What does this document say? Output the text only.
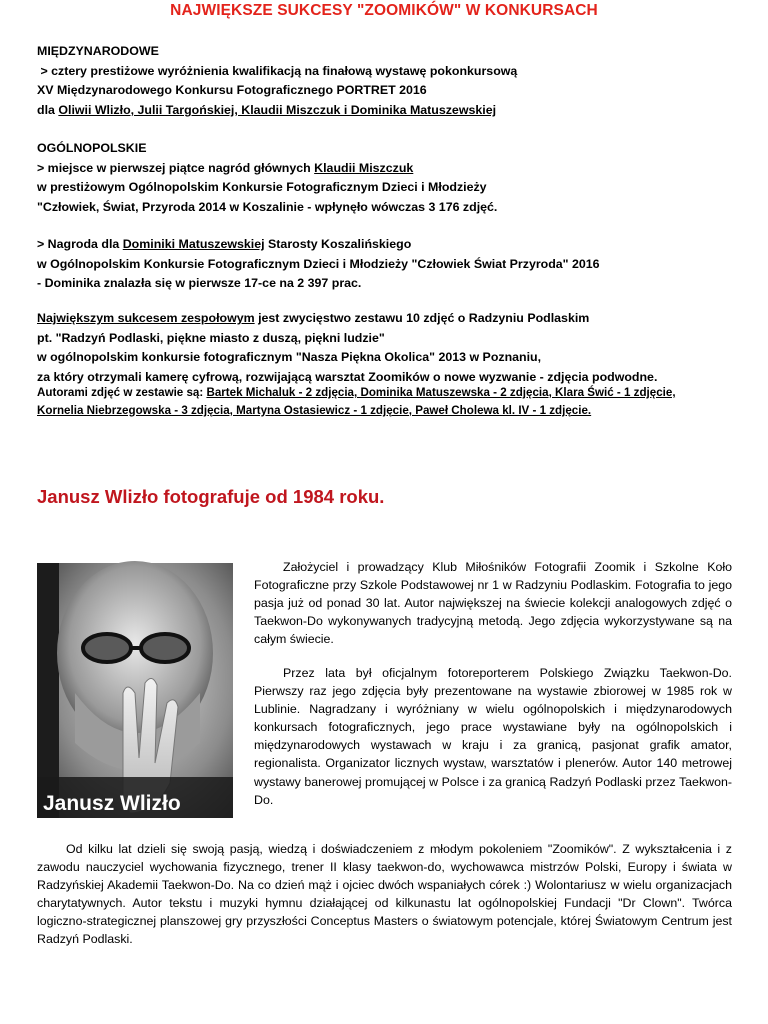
NAJWIĘKSZE SUKCESY "ZOOMIKÓW" W KONKURSACH
MIĘDZYNARODOWE
> cztery prestiżowe wyróżnienia kwalifikacją na finałową wystawę pokonkursową
XV Międzynarodowego Konkursu Fotograficznego PORTRET 2016
dla Oliwii Wlizło, Julii Targońskiej, Klaudii Miszczuk i Dominika Matuszewskiej
OGÓLNOPOLSKIE
> miejsce w pierwszej piątce nagród głównych Klaudii Miszczuk
w prestiżowym Ogólnopolskim Konkursie Fotograficznym Dzieci i Młodzieży
"Człowiek, Świat, Przyroda 2014 w Koszalinie - wpłynęło wówczas 3 176 zdjęć.
> Nagroda dla Dominiki Matuszewskiej Starosty Koszalińskiego
w Ogólnopolskim Konkursie Fotograficznym Dzieci i Młodzieży "Człowiek Świat Przyroda" 2016
- Dominika znalazła się w pierwsze 17-ce na 2 397 prac.
Największym sukcesem zespołowym jest zwycięstwo zestawu 10 zdjęć o Radzyniu Podlaskim
pt. "Radzyń Podlaski, piękne miasto z duszą, piękni ludzie"
w ogólnopolskim konkursie fotograficznym "Nasza Piękna Okolica" 2013 w Poznaniu,
za który otrzymali kamerę cyfrową, rozwijającą warsztat Zoomików o nowe wyzwanie - zdjęcia podwodne.
Autorami zdjęć w zestawie są: Bartek Michaluk - 2 zdjęcia, Dominika Matuszewska - 2 zdjęcia, Klara Świć - 1 zdjęcie,
Kornelia Niebrzegowska - 3 zdjęcia, Martyna Ostasiewicz - 1 zdjęcie, Paweł Cholewa kl. IV - 1 zdjęcie.
Janusz Wlizło fotografuje od 1984 roku.
Janusz Wlizło

Założyciel i prowadzący Klub Miłośników Fotografii Zoomik i Szkolne Koło Fotograficzne przy Szkole Podstawowej nr 1 w Radzyniu Podlaskim. Fotografia to jego pasja już od ponad 30 lat. Autor największej na świecie kolekcji analogowych zdjęć o Taekwon-Do wykonywanych tradycyjną metodą. Jego zdjęcia wykorzystywane są na całym świecie.

Przez lata był oficjalnym fotoreporterem Polskiego Związku Taekwon-Do. Pierwszy raz jego zdjęcia były prezentowane na wystawie zbiorowej w 1985 rok w Lublinie. Nagradzany i wyróżniany w wielu ogólnopolskich i międzynarodowych konkursach fotograficznych, jego prace wystawiane były na ogólnopolskich i międzynarodowych wystawach w kraju i za granicą, pasjonat grafik amator, regionalista. Organizator licznych wystaw, warsztatów i plenerów. Autor 140 metrowej wystawy banerowej promującej w Polsce i za granicą Radzyń Podlaski przez Taekwon-Do.

Od kilku lat dzieli się swoją pasją, wiedzą i doświadczeniem z młodym pokoleniem "Zoomików". Z wykształcenia i z zawodu nauczyciel wychowania fizycznego, trener II klasy taekwon-do, wychowawca mistrzów Polski, Europy i świata w Radzyńskiej Akademii Taekwon-Do. Na co dzień mąż i ojciec dwóch wspaniałych córek :) Wolontariusz w wielu organizacjach charytatywnych. Autor tekstu i muzyki hymnu działającej od kilkunastu lat ogólnopolskiej Fundacji "Dr Clown". Twórca logiczno-strategicznej planszowej gry przyszłości Conceptus Masters o światowym potencjale, której Światowym Centrum jest Radzyń Podlaski.
